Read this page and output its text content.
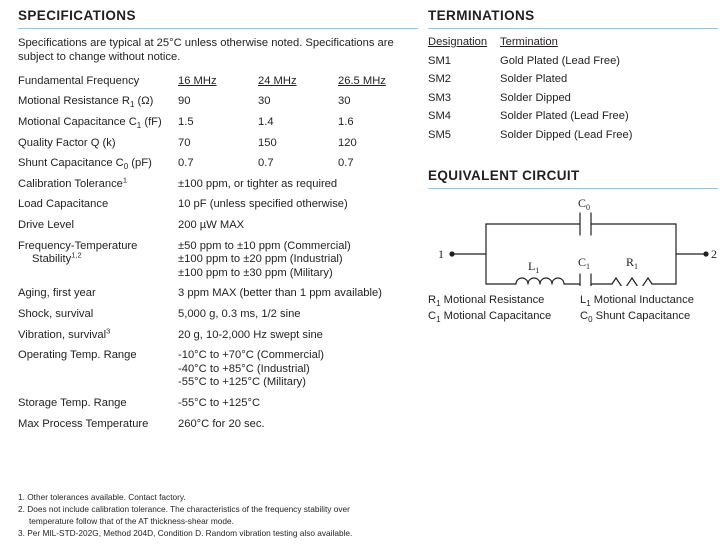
SPECIFICATIONS

Specifications are typical at 25°C unless otherwise noted. Specifications are subject to change without notice.

Fundamental Frequency	16 MHz	24 MHz	26.5 MHz
Motional Resistance $R_1$ (Ω)	90	30	30
Motional Capacitance $C_1$ (fF)	1.5	1.4	1.6
Quality Factor Q (k)	70	150	120
Shunt Capacitance $C_0$ (pF)	0.7	0.7	0.7
Calibration Tolerance$^1$	±100 ppm, or tighter as required		
Load Capacitance	10 pF (unless specified otherwise)		
Drive Level	200 µW MAX		
Frequency-Temperature
Stability$^{1,2}$	±50 ppm to ±10 ppm (Commercial)
±100 ppm to ±20 ppm (Industrial)
±100 ppm to ±30 ppm (Military)		
Aging, first year	3 ppm MAX (better than 1 ppm available)		
Shock, survival	5,000 g, 0.3 ms, 1/2 sine		
Vibration, survival$^3$	20 g, 10-2,000 Hz swept sine		
Operating Temp. Range	-10°C to +70°C (Commercial)
-40°C to +85°C (Industrial)
-55°C to +125°C (Military)		
Storage Temp. Range	-55°C to +125°C		
Max Process Temperature	260°C for 20 sec.		
1. Other tolerances available. Contact factory.
2. Does not include calibration tolerance. The characteristics of the frequency stability over
temperature follow that of the AT thickness-shear mode.
3. Per MIL-STD-202G, Method 204D, Condition D. Random vibration testing also available.
TERMINATIONS
Designation	Termination
SM1	Gold Plated (Lead Free)
SM2	Solder Plated
SM3	Solder Dipped
SM4	Solder Plated (Lead Free)
SM5	Solder Dipped (Lead Free)
EQUIVALENT CIRCUIT
1	2
$C_0$
$L_1$
$C_1$	$R_1$
$R_1$ Motional Resistance	$L_1$ Motional Inductance
$C_1$ Motional Capacitance	$C_0$ Shunt Capacitance
